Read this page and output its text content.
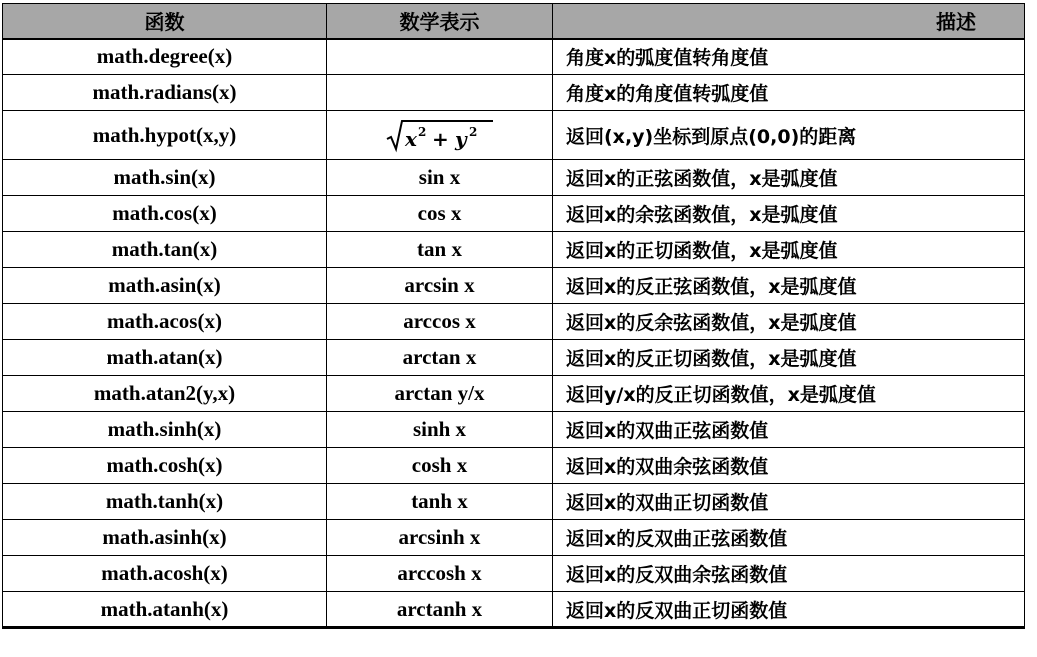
函数	数学表示	描述
math.degree(x)		角度x的弧度值转角度值
math.radians(x)		角度x的角度值转弧度值
math.hypot(x,y)	x 2 + y 2	返回(x,y)坐标到原点(0,0)的距离
math.sin(x)	sin x	返回x的正弦函数值，x是弧度值
math.cos(x)	cos x	返回x的余弦函数值，x是弧度值
math.tan(x)	tan x	返回x的正切函数值，x是弧度值
math.asin(x)	arcsin x	返回x的反正弦函数值，x是弧度值
math.acos(x)	arccos x	返回x的反余弦函数值，x是弧度值
math.atan(x)	arctan x	返回x的反正切函数值，x是弧度值
math.atan2(y,x)	arctan y/x	返回y/x的反正切函数值，x是弧度值
math.sinh(x)	sinh x	返回x的双曲正弦函数值
math.cosh(x)	cosh x	返回x的双曲余弦函数值
math.tanh(x)	tanh x	返回x的双曲正切函数值
math.asinh(x)	arcsinh x	返回x的反双曲正弦函数值
math.acosh(x)	arccosh x	返回x的反双曲余弦函数值
math.atanh(x)	arctanh x	返回x的反双曲正切函数值
